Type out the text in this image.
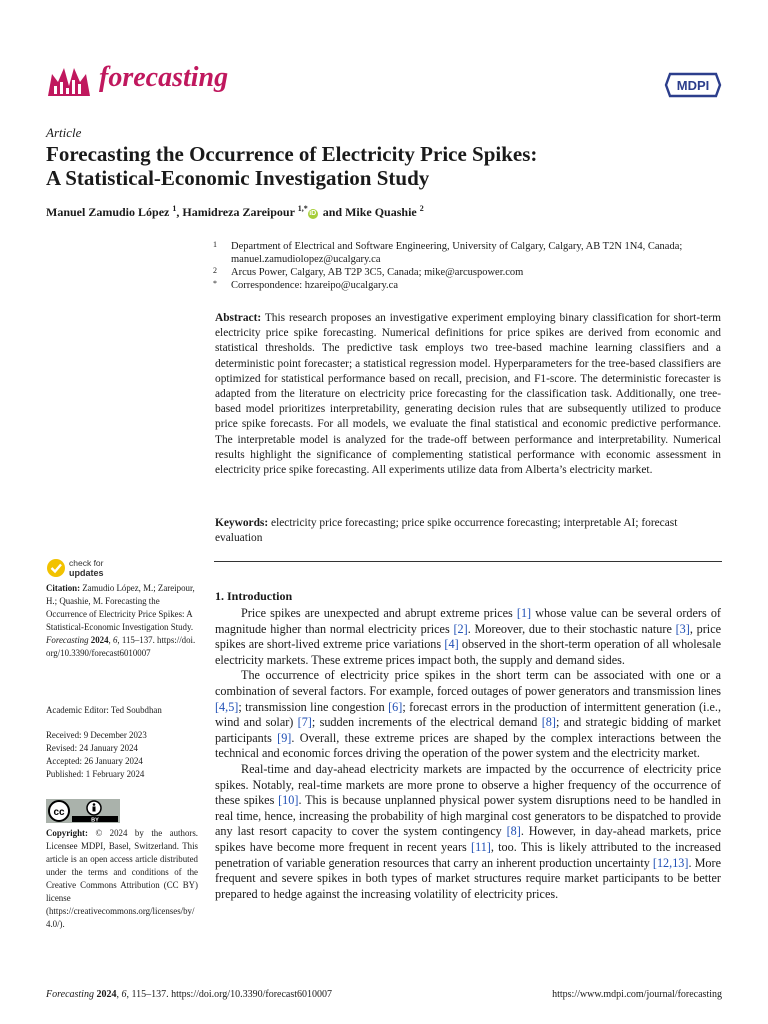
forecasting	MDPI
Article
Forecasting the Occurrence of Electricity Price Spikes:
A Statistical-Economic Investigation Study
Manuel Zamudio López $^1$, Hamidreza Zareipour $^{1,*}$iD and Mike Quashie $^2$
1 Department of Electrical and Software Engineering, University of Calgary, Calgary, AB T2N 1N4, Canada; manuel.zamudiolopez@ucalgary.ca
2 Arcus Power, Calgary, AB T2P 3C5, Canada; mike@arcuspower.com
* Correspondence: hzareipo@ucalgary.ca
Abstract: This research proposes an investigative experiment employing binary classification for short-term electricity price spike forecasting. Numerical definitions for price spikes are derived from economic and statistical thresholds. The predictive task employs two tree-based machine learning classifiers and a deterministic point forecaster; a statistical regression model. Hyperparameters for the tree-based classifiers are optimized for statistical performance based on recall, precision, and F1-score. The deterministic forecaster is adapted from the literature on electricity price forecasting for the classification task. Additionally, one tree-based model prioritizes interpretability, generating decision rules that are subsequently utilized to produce price spike forecasts. For all models, we evaluate the final statistical and economic predictive performance. The interpretable model is analyzed for the trade-off between performance and interpretability. Numerical results highlight the significance of complementing statistical performance with economic assessment in electricity price spike forecasting. All experiments utilize data from Alberta’s electricity market.
Keywords: electricity price forecasting; price spike occurrence forecasting; interpretable AI; forecast evaluation
check for
updates
Citation: Zamudio López, M.; Zareipour, H.; Quashie, M. Forecasting the Occurrence of Electricity Price Spikes: A Statistical-Economic Investigation Study. Forecasting 2024, 6, 115–137. https://doi.org/10.3390/forecast6010007
Academic Editor: Ted Soubdhan
Received: 9 December 2023
Revised: 24 January 2024
Accepted: 26 January 2024
Published: 1 February 2024
cc
BY
Copyright: © 2024 by the authors. Licensee MDPI, Basel, Switzerland. This article is an open access article distributed under the terms and conditions of the Creative Commons Attribution (CC BY) license (https://creativecommons.org/licenses/by/4.0/).
1. Introduction

Price spikes are unexpected and abrupt extreme prices [1] whose value can be several orders of magnitude higher than normal electricity prices [2]. Moreover, due to their stochastic nature [3], price spikes are short-lived extreme price variations [4] observed in the short-term operation of all wholesale electricity markets. These extreme prices impact both, the supply and demand sides.

The occurrence of electricity price spikes in the short term can be associated with one or a combination of several factors. For example, forced outages of power generators and transmission lines [4,5]; transmission line congestion [6]; forecast errors in the production of intermittent generation (i.e., wind and solar) [7]; sudden increments of the electrical demand [8]; and strategic bidding of market participants [9]. Overall, these extreme prices are shaped by the complex interactions between the technical and economic forces driving the operation of the power system and the electricity market.

Real-time and day-ahead electricity markets are impacted by the occurrence of electricity price spikes. Notably, real-time markets are more prone to observe a higher frequency of the occurrence of these spikes [10]. This is because unplanned physical power system disruptions need to be handled in real time, hence, increasing the probability of high marginal cost generators to be dispatched to provide any last resort capacity to cover the system contingency [8]. However, in day-ahead markets, price spikes have become more frequent in recent years [11], too. This is likely attributed to the increased penetration of variable generation resources that carry an inherent production uncertainty [12,13]. More frequent and severe spikes in both types of market structures require market participants to be better prepared to hedge against the increasing volatility of electricity prices.

Forecasting 2024, 6, 115–137. https://doi.org/10.3390/forecast6010007	https://www.mdpi.com/journal/forecasting
